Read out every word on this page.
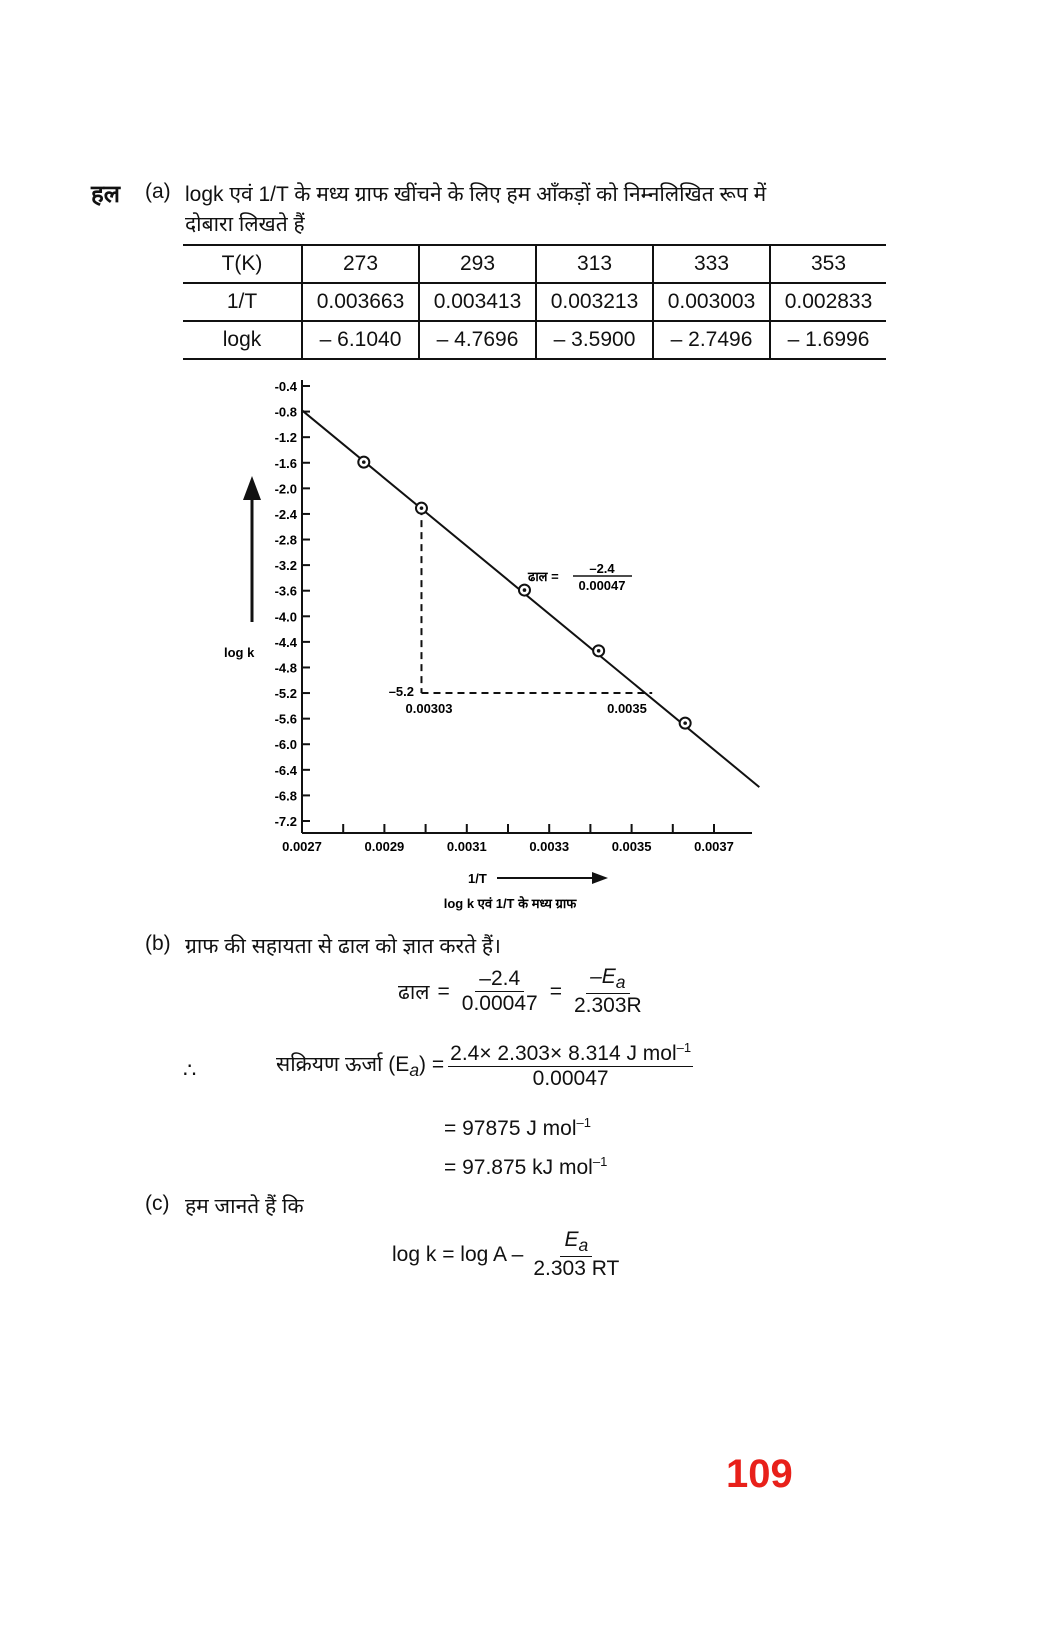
हल (a) logk एवं 1/T के मध्य ग्राफ खींचने के लिए हम आँकड़ों को निम्नलिखित रूप में
दोबारा लिखते हैं
T(K)	273	293	313	333	353
1/T	0.003663	0.003413	0.003213	0.003003	0.002833
logk	– 6.1040	– 4.7696	– 3.5900	– 2.7496	– 1.6996
-0.4
-0.8
-1.2
-1.6
-2.0
-2.4
-2.8
-3.2
-3.6
-4.0
-4.4
-4.8
-5.2
-5.6
-6.0
-6.4
-6.8
-7.2
0.0027	0.0029	0.0031	0.0033	0.0035	0.0037
log k
1/T
log k एवं 1/T के मध्य ग्राफ
–5.2
0.00303	0.0035
ढाल =
–2.4
0.00047
(b) ग्राफ की सहायता से ढाल को ज्ञात करते हैं।
ढाल = $\frac{-2.4}{0.00047} = \frac{-E_a}{2.303R}$
∴	सक्रियण ऊर्जा $(E_a) = \frac{2.4\times 2.303\times 8.314 J mol^{-1}}{0.00047}$
= 97875 J mol$^{-1}$
= 97.875 kJ mol$^{-1}$
(c) हम जानते हैं कि
$\log k = \log A - \frac{E_a}{2.303 RT}$
109
